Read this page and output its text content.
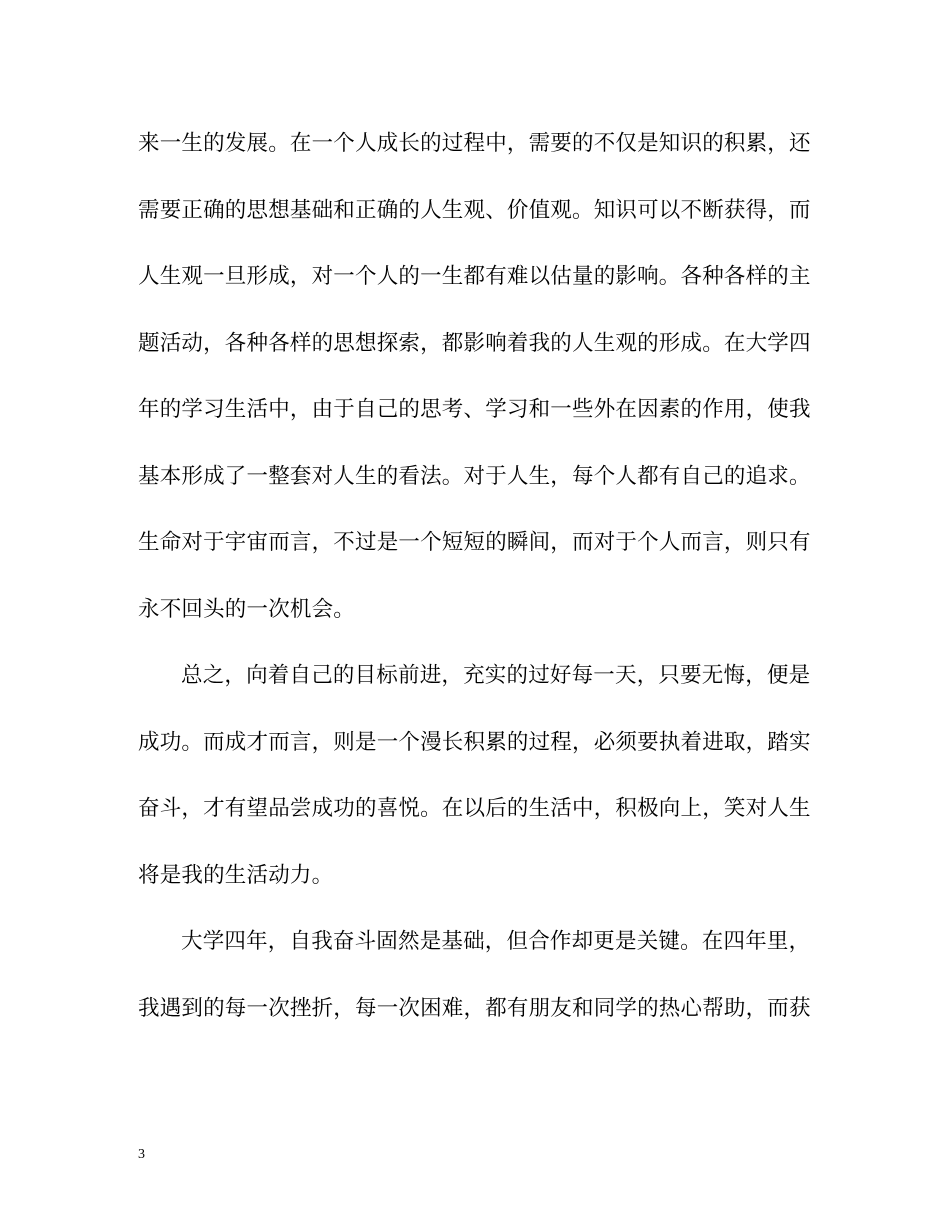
来一生的发展。在一个人成长的过程中，需要的不仅是知识的积累，还
需要正确的思想基础和正确的人生观、价值观。知识可以不断获得，而
人生观一旦形成，对一个人的一生都有难以估量的影响。各种各样的主
题活动，各种各样的思想探索，都影响着我的人生观的形成。在大学四
年的学习生活中，由于自己的思考、学习和一些外在因素的作用，使我
基本形成了一整套对人生的看法。对于人生，每个人都有自己的追求。
生命对于宇宙而言，不过是一个短短的瞬间，而对于个人而言，则只有
永不回头的一次机会。
总之，向着自己的目标前进，充实的过好每一天，只要无悔，便是
成功。而成才而言，则是一个漫长积累的过程，必须要执着进取，踏实
奋斗，才有望品尝成功的喜悦。在以后的生活中，积极向上，笑对人生
将是我的生活动力。
大学四年，自我奋斗固然是基础，但合作却更是关键。在四年里，
我遇到的每一次挫折，每一次困难，都有朋友和同学的热心帮助，而获
3
